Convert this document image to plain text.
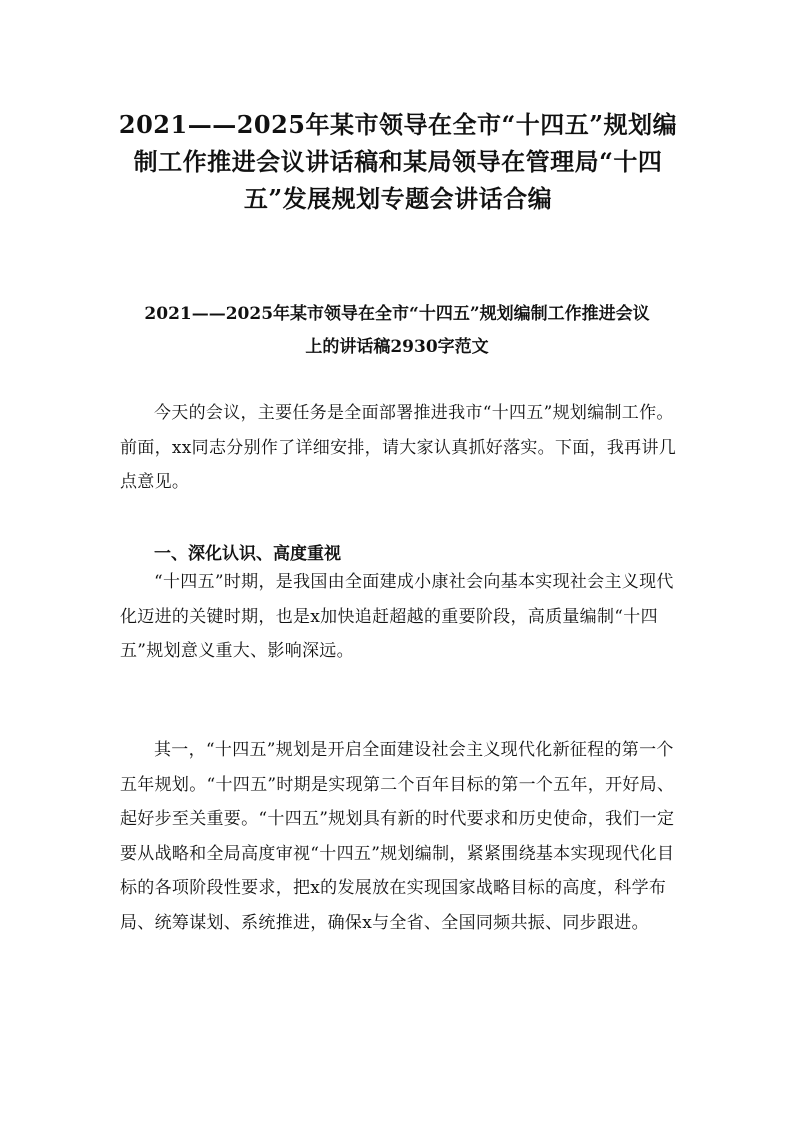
2021——2025年某市领导在全市“十四五”规划编制工作推进会议讲话稿和某局领导在管理局“十四五”发展规划专题会讲话合编
2021——2025年某市领导在全市“十四五”规划编制工作推进会议
上的讲话稿2930字范文

今天的会议，主要任务是全面部署推进我市“十四五”规划编制工作。前面，xx同志分别作了详细安排，请大家认真抓好落实。下面，我再讲几点意见。

一、深化认识、高度重视

“十四五”时期，是我国由全面建成小康社会向基本实现社会主义现代化迈进的关键时期，也是x加快追赶超越的重要阶段，高质量编制“十四五”规划意义重大、影响深远。

其一，“十四五”规划是开启全面建设社会主义现代化新征程的第一个五年规划。“十四五”时期是实现第二个百年目标的第一个五年，开好局、起好步至关重要。“十四五”规划具有新的时代要求和历史使命，我们一定要从战略和全局高度审视“十四五”规划编制，紧紧围绕基本实现现代化目标的各项阶段性要求，把x的发展放在实现国家战略目标的高度，科学布局、统筹谋划、系统推进，确保x与全省、全国同频共振、同步跟进。
